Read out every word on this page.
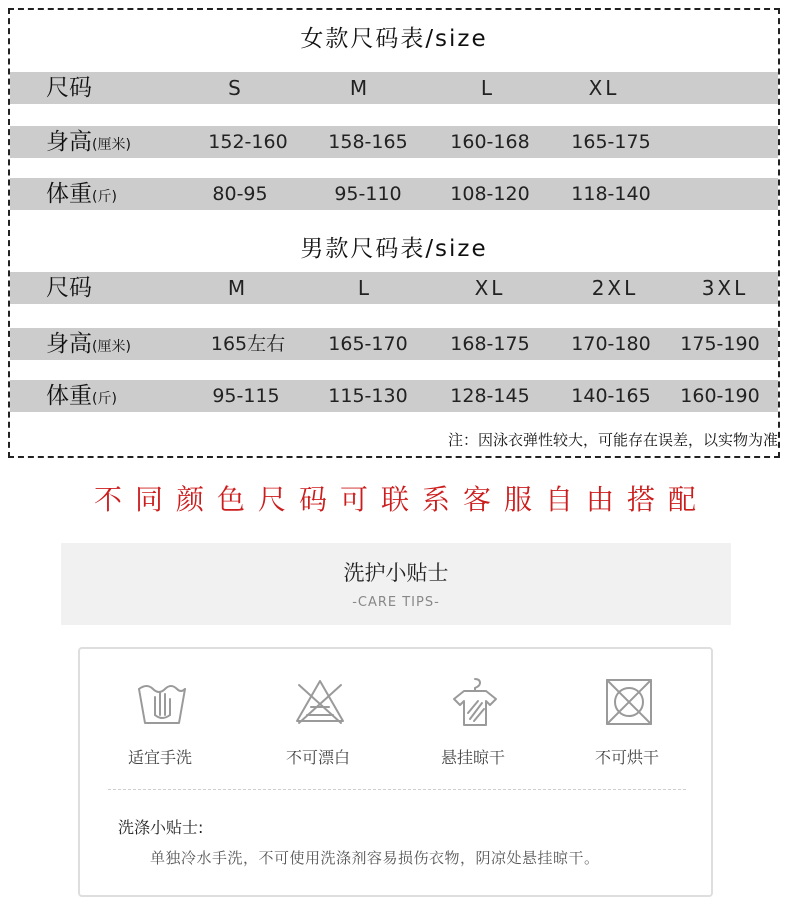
女款尺码表/size
尺码	S	M	L	XL
身高(厘米)	152-160	158-165	160-168	165-175
体重(斤)	80-95	95-110	108-120	118-140
男款尺码表/size
尺码	M	L	XL	2XL	3XL
身高(厘米)	165左右	165-170	168-175	170-180	175-190
体重(斤)	95-115	115-130	128-145	140-165	160-190
注：因泳衣弹性较大，可能存在误差，以实物为准
不同颜色尺码可联系客服自由搭配
洗护小贴士
-CARE TIPS-
适宜手洗	不可漂白	悬挂晾干	不可烘干
洗涤小贴士:
单独冷水手洗，不可使用洗涤剂容易损伤衣物，阴凉处悬挂晾干。
